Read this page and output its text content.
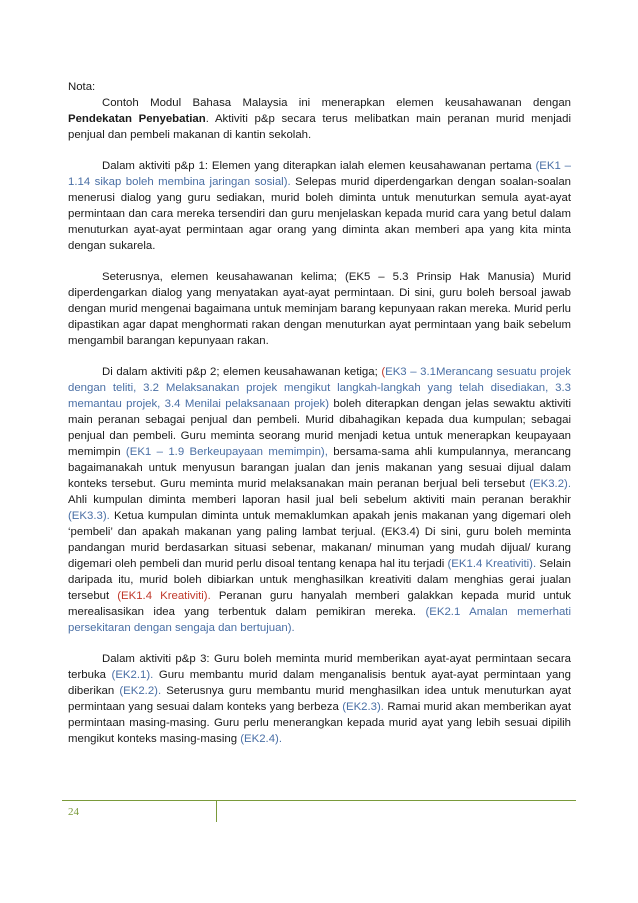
Nota:

Contoh Modul Bahasa Malaysia ini menerapkan elemen keusahawanan dengan Pendekatan Penyebatian. Aktiviti p&p secara terus melibatkan main peranan murid menjadi penjual dan pembeli makanan di kantin sekolah.

Dalam aktiviti p&p 1: Elemen yang diterapkan ialah elemen keusahawanan pertama (EK1 – 1.14 sikap boleh membina jaringan sosial). Selepas murid diperdengarkan dengan soalan-soalan menerusi dialog yang guru sediakan, murid boleh diminta untuk menuturkan semula ayat-ayat permintaan dan cara mereka tersendiri dan guru menjelaskan kepada murid cara yang betul dalam menuturkan ayat-ayat permintaan agar orang yang diminta akan memberi apa yang kita minta dengan sukarela.

Seterusnya, elemen keusahawanan kelima; (EK5 – 5.3 Prinsip Hak Manusia) Murid diperdengarkan dialog yang menyatakan ayat-ayat permintaan. Di sini, guru boleh bersoal jawab dengan murid mengenai bagaimana untuk meminjam barang kepunyaan rakan mereka. Murid perlu dipastikan agar dapat menghormati rakan dengan menuturkan ayat permintaan yang baik sebelum mengambil barangan kepunyaan rakan.

Di dalam aktiviti p&p 2; elemen keusahawanan ketiga; (EK3 – 3.1Merancang sesuatu projek dengan teliti, 3.2 Melaksanakan projek mengikut langkah-langkah yang telah disediakan, 3.3 memantau projek, 3.4 Menilai pelaksanaan projek) boleh diterapkan dengan jelas sewaktu aktiviti main peranan sebagai penjual dan pembeli. Murid dibahagikan kepada dua kumpulan; sebagai penjual dan pembeli. Guru meminta seorang murid menjadi ketua untuk menerapkan keupayaan memimpin (EK1 – 1.9 Berkeupayaan memimpin), bersama-sama ahli kumpulannya, merancang bagaimanakah untuk menyusun barangan jualan dan jenis makanan yang sesuai dijual dalam konteks tersebut. Guru meminta murid melaksanakan main peranan berjual beli tersebut (EK3.2). Ahli kumpulan diminta memberi laporan hasil jual beli sebelum aktiviti main peranan berakhir (EK3.3). Ketua kumpulan diminta untuk memaklumkan apakah jenis makanan yang digemari oleh ‘pembeli’ dan apakah makanan yang paling lambat terjual. (EK3.4) Di sini, guru boleh meminta pandangan murid berdasarkan situasi sebenar, makanan/ minuman yang mudah dijual/ kurang digemari oleh pembeli dan murid perlu disoal tentang kenapa hal itu terjadi (EK1.4 Kreativiti). Selain daripada itu, murid boleh dibiarkan untuk menghasilkan kreativiti dalam menghias gerai jualan tersebut (EK1.4 Kreativiti). Peranan guru hanyalah memberi galakkan kepada murid untuk merealisasikan idea yang terbentuk dalam pemikiran mereka. (EK2.1 Amalan memerhati persekitaran dengan sengaja dan bertujuan).

Dalam aktiviti p&p 3: Guru boleh meminta murid memberikan ayat-ayat permintaan secara terbuka (EK2.1). Guru membantu murid dalam menganalisis bentuk ayat-ayat permintaan yang diberikan (EK2.2). Seterusnya guru membantu murid menghasilkan idea untuk menuturkan ayat permintaan yang sesuai dalam konteks yang berbeza (EK2.3). Ramai murid akan memberikan ayat permintaan masing-masing. Guru perlu menerangkan kepada murid ayat yang lebih sesuai dipilih mengikut konteks masing-masing (EK2.4).

24
